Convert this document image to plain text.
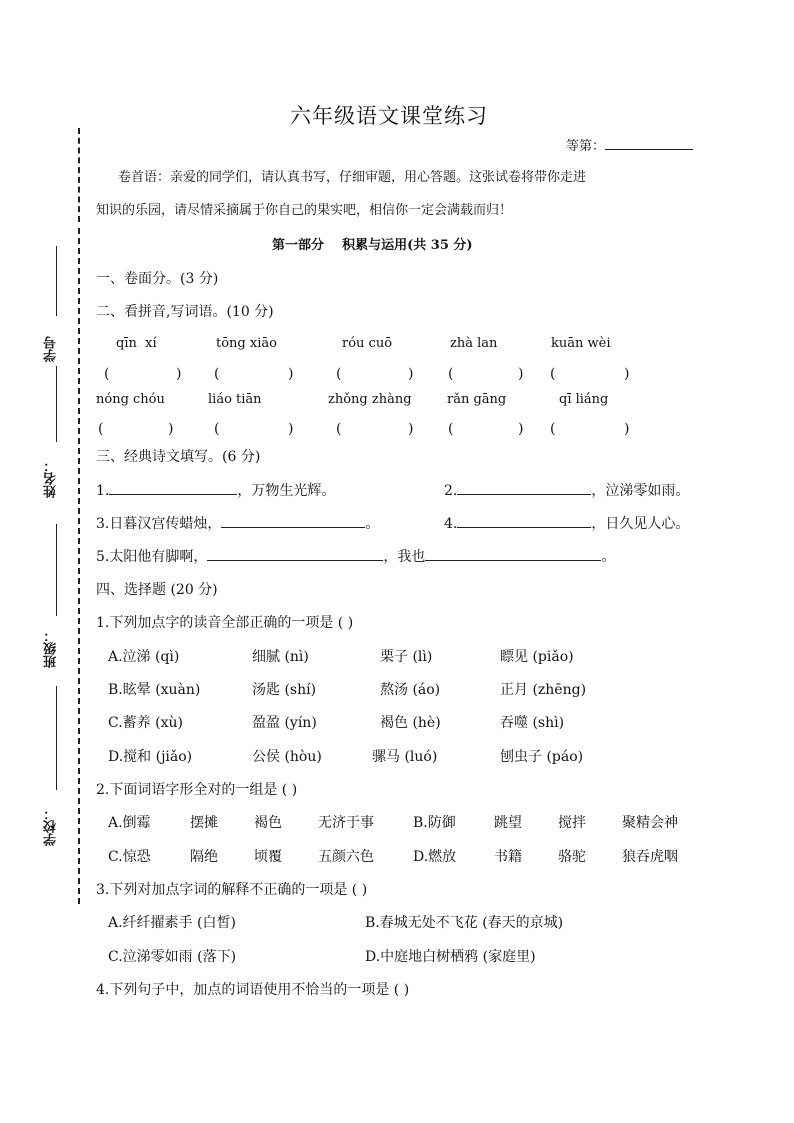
六年级语文课堂练习
等第：
卷首语：亲爱的同学们，请认真书写，仔细审题，用心答题。这张试卷将带你走进
知识的乐园，请尽情采摘属于你自己的果实吧，相信你一定会满载而归！
学号
姓名：
班级：
学校：
第一部分    积累与运用(共 35 分)
一、卷面分。(3 分)
二、看拼音,写词语。(10 分)
qīn  xí	tōng xiāo	róu cuō	zhà lan	kuān wèi
(	) (	)	(	) (	) (	)
nóng chóu	liáo tiān	zhǒng zhàng	rǎn gāng	qī liáng
(	)	(	)	(	) (	) (	)
三、经典诗文填写。(6 分)
1.	，万物生光辉。	2.	，泣涕零如雨。
3.日暮汉宫传蜡烛，	。	4.	，日久见人心。
5.太阳他有脚啊，	，我也	。
四、选择题 (20 分)
1.下列加点字的读音全部正确的一项是 ( )
A.泣涕 (qì)	细腻 (nì)	栗子 (lì)	瞟见 (piǎo)
B.眩晕 (xuàn)	汤匙 (shí)	熬汤 (áo)	正月 (zhēng)
C.蓄养 (xù)	盈盈 (yín)	褐色 (hè)	吞噬 (shì)
D.搅和 (jiǎo)	公侯 (hòu)	骡马 (luó)	刨虫子 (páo)
2.下面词语字形全对的一组是 ( )
A.倒霉	摆摊	褐色	无济于事	B.防御	跳望	搅拌	聚精会神
C.惊恐	隔绝	顷覆	五颜六色	D.燃放	书籍	骆驼	狼吞虎咽
3.下列对加点字词的解释不正确的一项是 ( )
A.纤纤擢素手 (白皙)	B.春城无处不飞花 (春天的京城)
C.泣涕零如雨 (落下)	D.中庭地白树栖鸦 (家庭里)
4.下列句子中，加点的词语使用不恰当的一项是 ( )
